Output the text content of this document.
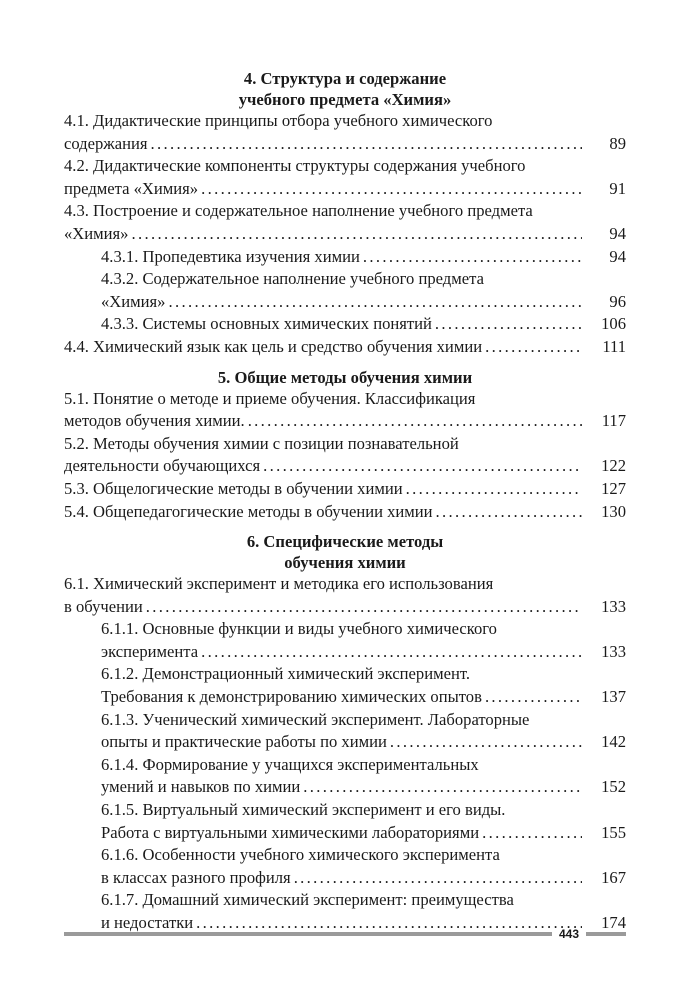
4. Структура и содержание
учебного предмета «Химия»
4.1. Дидактические принципы отбора учебного химического
содержания . . .	89
4.2. Дидактические компоненты структуры содержания учебного
предмета «Химия» . . .	91
4.3. Построение и содержательное наполнение учебного предмета
«Химия» . . .	94
4.3.1. Пропедевтика изучения химии . . .	94
4.3.2. Содержательное наполнение учебного предмета
«Химия» . . .	96
4.3.3. Системы основных химических понятий . . .	106
4.4. Химический язык как цель и средство обучения химии . . .	111
5. Общие методы обучения химии
5.1. Понятие о методе и приеме обучения. Классификация
методов обучения химии. . . .	117
5.2. Методы обучения химии с позиции познавательной
деятельности обучающихся . . .	122
5.3. Общелогические методы в обучении химии . . .	127
5.4. Общепедагогические методы в обучении химии . . .	130
6. Специфические методы
обучения химии
6.1. Химический эксперимент и методика его использования
в обучении . . .	133
6.1.1. Основные функции и виды учебного химического
эксперимента . . .	133
6.1.2. Демонстрационный химический эксперимент.
Требования к демонстрированию химических опытов . . .	137
6.1.3. Ученический химический эксперимент. Лабораторные
опыты и практические работы по химии . . .	142
6.1.4. Формирование у учащихся экспериментальных
умений и навыков по химии . . .	152
6.1.5. Виртуальный химический эксперимент и его виды.
Работа с виртуальными химическими лабораториями . . .	155
6.1.6. Особенности учебного химического эксперимента
в классах разного профиля . . .	167
6.1.7. Домашний химический эксперимент: преимущества
и недостатки . . .	174
443
